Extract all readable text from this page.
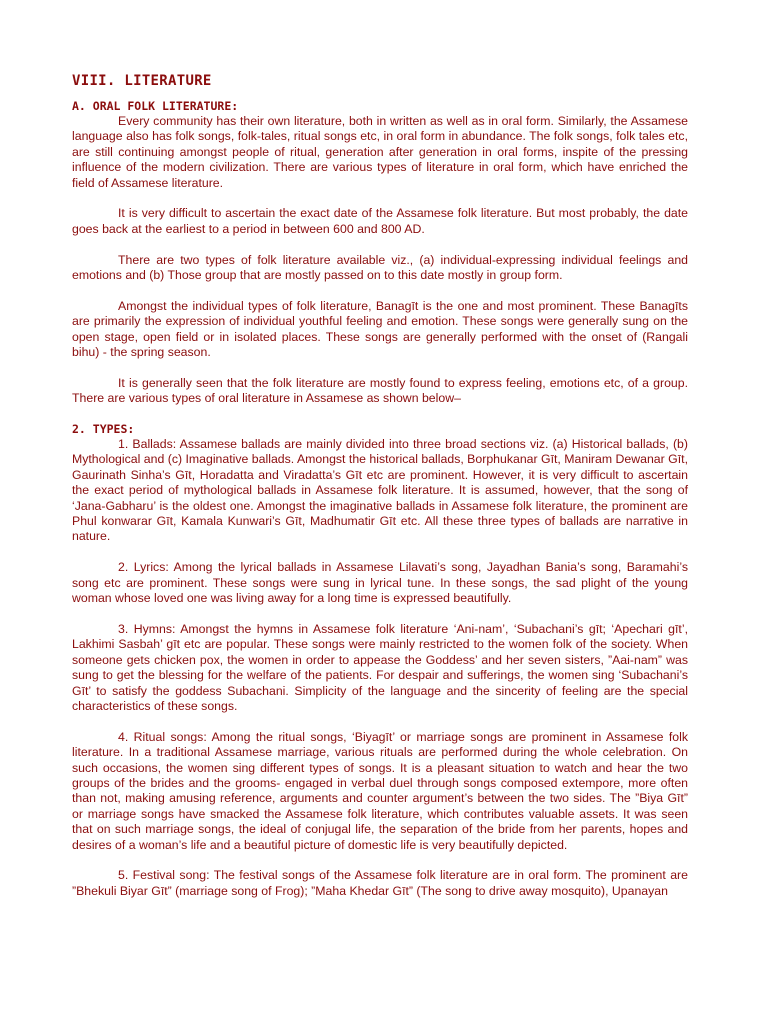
VIII. LITERATURE
A. ORAL FOLK LITERATURE:

Every community has their own literature, both in written as well as in oral form. Similarly, the Assamese language also has folk songs, folk-tales, ritual songs etc, in oral form in abundance. The folk songs, folk tales etc, are still continuing amongst people of ritual, generation after generation in oral forms, inspite of the pressing influence of the modern civilization. There are various types of literature in oral form, which have enriched the field of Assamese literature.

It is very difficult to ascertain the exact date of the Assamese folk literature. But most probably, the date goes back at the earliest to a period in between 600 and 800 AD.

There are two types of folk literature available viz., (a) individual-expressing individual feelings and emotions and (b) Those group that are mostly passed on to this date mostly in group form.

Amongst the individual types of folk literature, Banagīt is the one and most prominent. These Banagīts are primarily the expression of individual youthful feeling and emotion. These songs were generally sung on the open stage, open field or in isolated places. These songs are generally performed with the onset of (Rangali bihu) - the spring season.

It is generally seen that the folk literature are mostly found to express feeling, emotions etc, of a group. There are various types of oral literature in Assamese as shown below–

2. TYPES:

1. Ballads: Assamese ballads are mainly divided into three broad sections viz. (a) Historical ballads, (b) Mythological and (c) Imaginative ballads. Amongst the historical ballads, Borphukanar Gīt, Maniram Dewanar Gīt, Gaurinath Sinha’s Gīt, Horadatta and Viradatta’s Gīt etc are prominent. However, it is very difficult to ascertain the exact period of mythological ballads in Assamese folk literature. It is assumed, however, that the song of ‘Jana-Gabharu’ is the oldest one. Amongst the imaginative ballads in Assamese folk literature, the prominent are Phul konwarar Gīt, Kamala Kunwari’s Gīt, Madhumatir Gīt etc. All these three types of ballads are narrative in nature.

2. Lyrics: Among the lyrical ballads in Assamese Lilavati’s song, Jayadhan Bania’s song, Baramahi’s song etc are prominent. These songs were sung in lyrical tune. In these songs, the sad plight of the young woman whose loved one was living away for a long time is expressed beautifully.

3. Hymns: Amongst the hymns in Assamese folk literature ‘Ani-nam’, ‘Subachani’s gīt; ‘Apechari gīt’, Lakhimi Sasbah’ gīt etc are popular. These songs were mainly restricted to the women folk of the society. When someone gets chicken pox, the women in order to appease the Goddess’ and her seven sisters, ”Aai-nam” was sung to get the blessing for the welfare of the patients. For despair and sufferings, the women sing ‘Subachani’s Gīt’ to satisfy the goddess Subachani. Simplicity of the language and the sincerity of feeling are the special characteristics of these songs.

4. Ritual songs: Among the ritual songs, ‘Biyagīt’ or marriage songs are prominent in Assamese folk literature. In a traditional Assamese marriage, various rituals are performed during the whole celebration. On such occasions, the women sing different types of songs. It is a pleasant situation to watch and hear the two groups of the brides and the grooms- engaged in verbal duel through songs composed extempore, more often than not, making amusing reference, arguments and counter argument’s between the two sides. The ”Biya Gīt” or marriage songs have smacked the Assamese folk literature, which contributes valuable assets. It was seen that on such marriage songs, the ideal of conjugal life, the separation of the bride from her parents, hopes and desires of a woman’s life and a beautiful picture of domestic life is very beautifully depicted.

5. Festival song: The festival songs of the Assamese folk literature are in oral form. The prominent are ”Bhekuli Biyar Gīt” (marriage song of Frog); ”Maha Khedar Gīt” (The song to drive away mosquito), Upanayan
